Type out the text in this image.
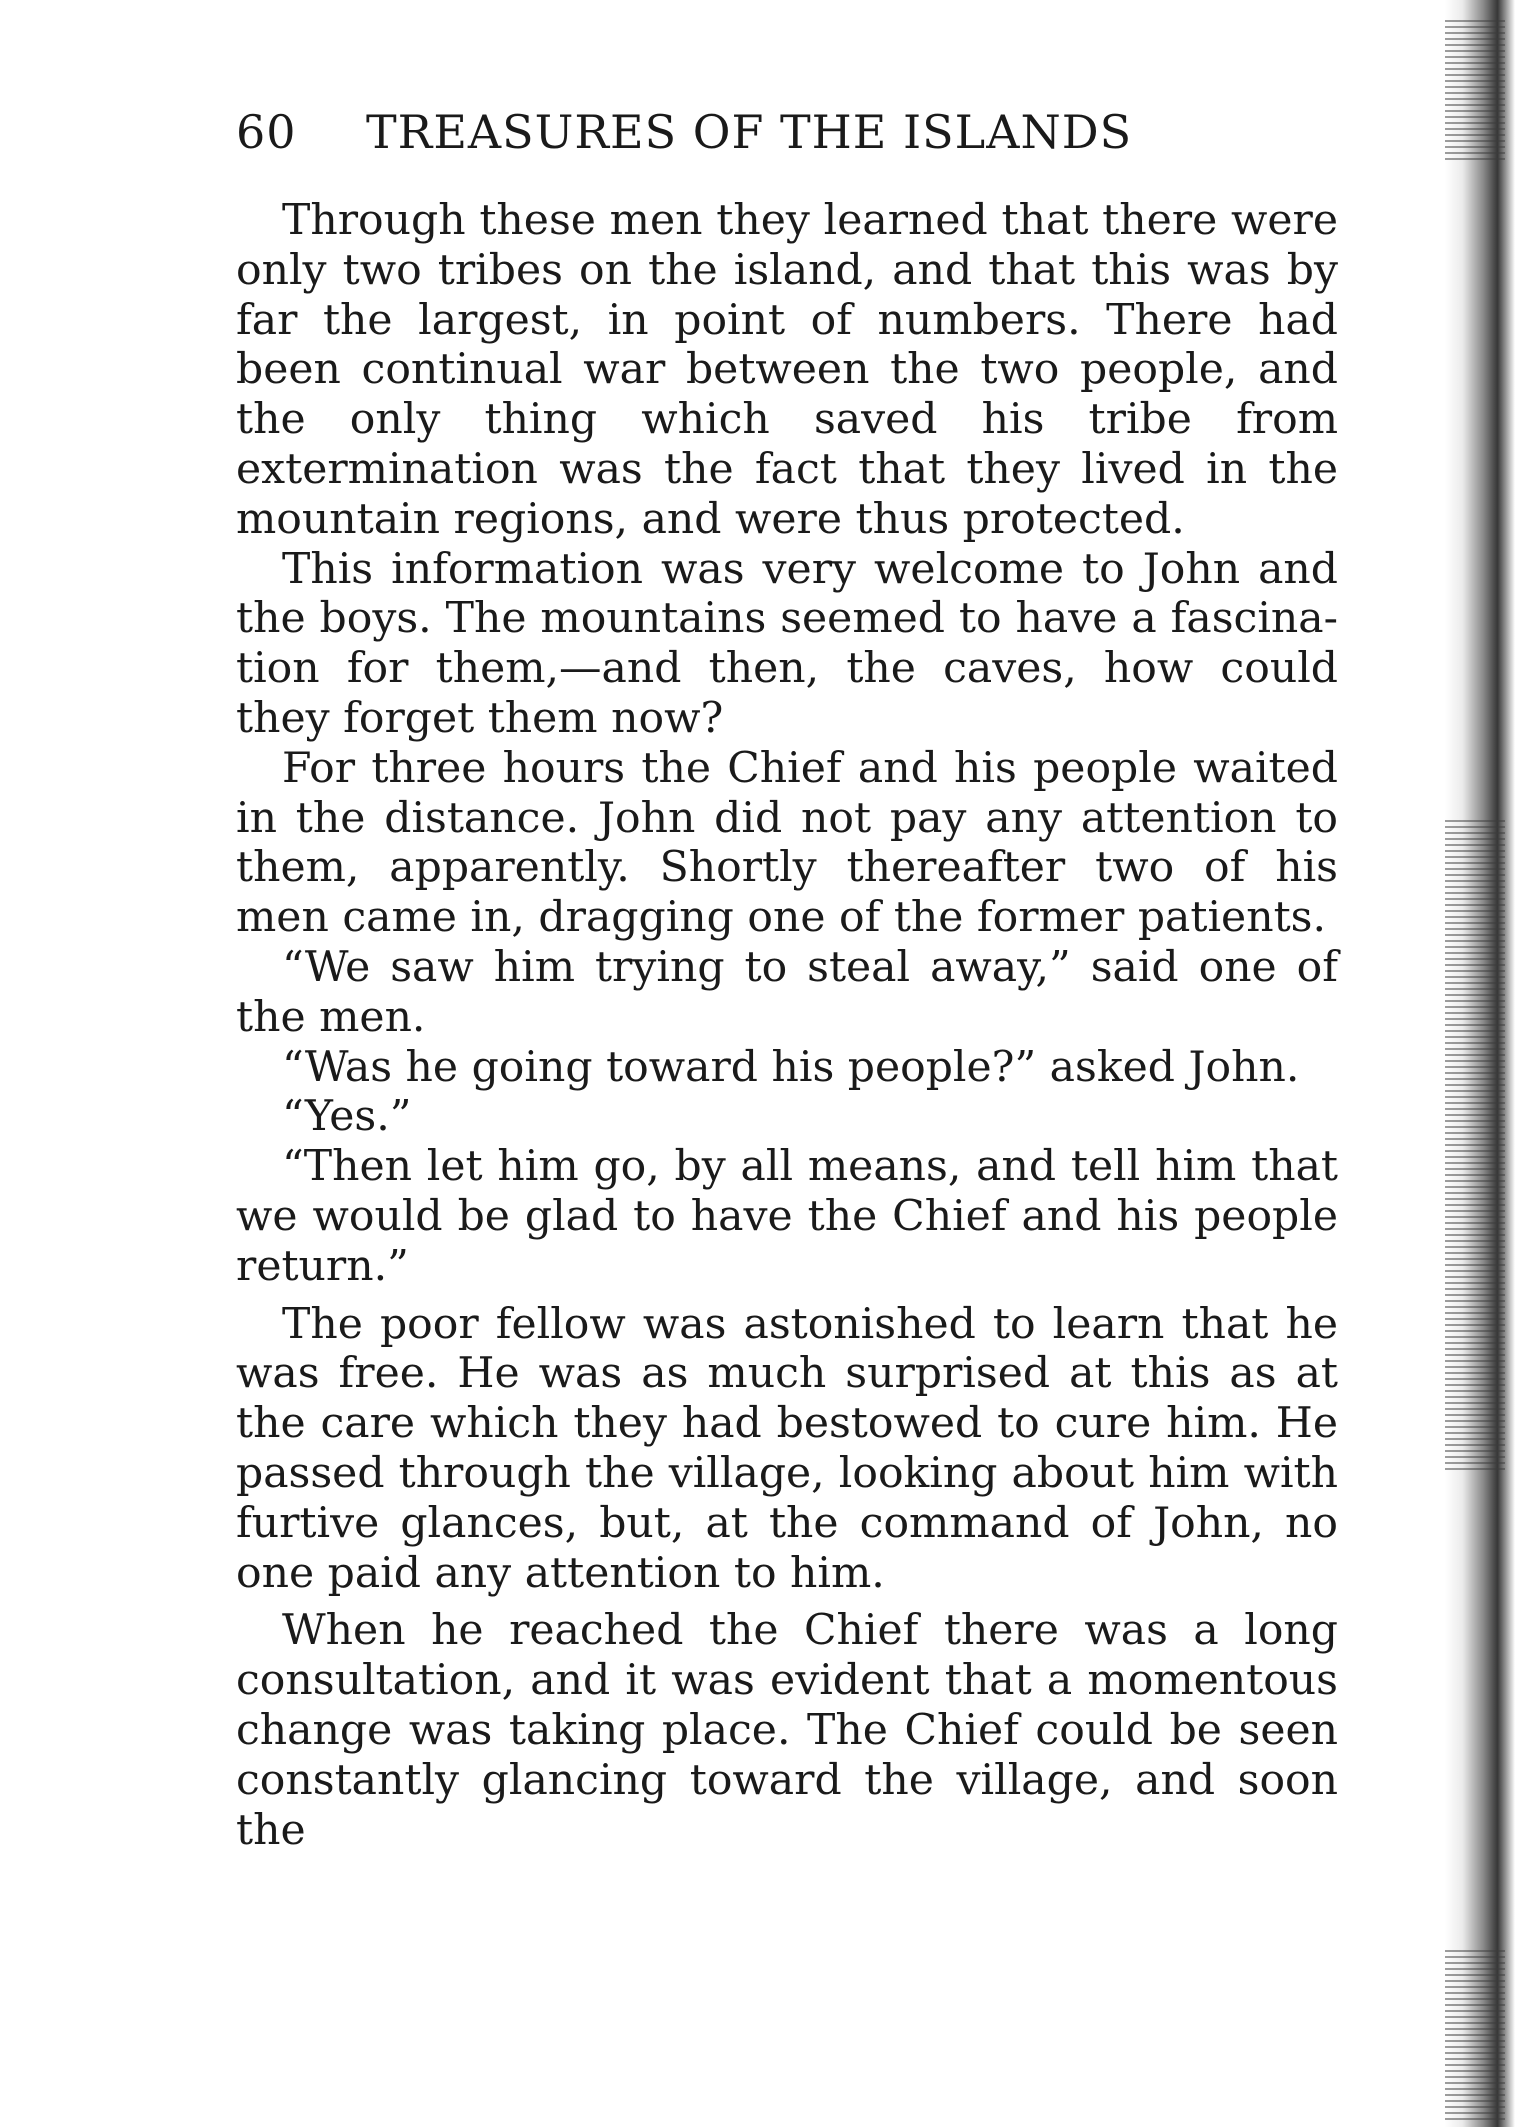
60 TREASURES OF THE ISLANDS

Through these men they learned that there were only two tribes on the island, and that this was by far the largest, in point of numbers. There had been continual war between the two people, and the only thing which saved his tribe from extermination was the fact that they lived in the mountain regions, and were thus protected.

This information was very welcome to John and the boys. The mountains seemed to have a fascination for them,—and then, the caves, how could they forget them now?

For three hours the Chief and his people waited in the distance. John did not pay any attention to them, apparently. Shortly thereafter two of his men came in, dragging one of the former patients.

“We saw him trying to steal away,” said one of the men.

“Was he going toward his people?” asked John.

“Yes.”

“Then let him go, by all means, and tell him that we would be glad to have the Chief and his people return.”

The poor fellow was astonished to learn that he was free. He was as much surprised at this as at the care which they had bestowed to cure him. He passed through the village, looking about him with furtive glances, but, at the command of John, no one paid any attention to him.

When he reached the Chief there was a long consultation, and it was evident that a momentous change was taking place. The Chief could be seen constantly glancing toward the village, and soon the
